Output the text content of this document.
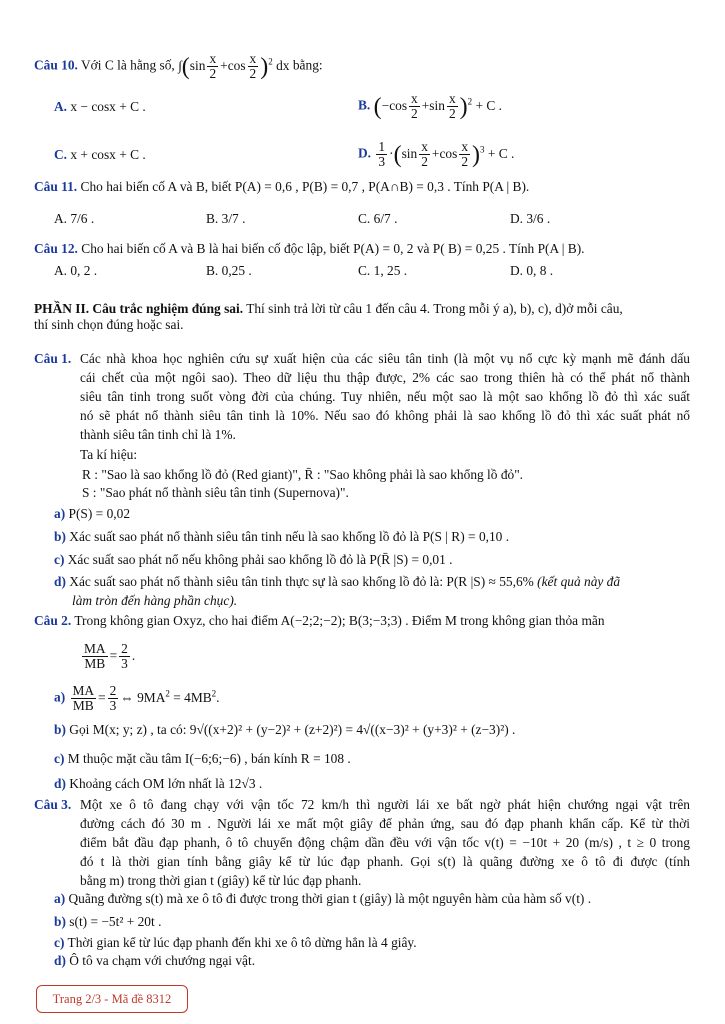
Câu 10. Với C là hằng số, $\int(\sin \frac{x}{2} +\cos \frac{x}{2} )^2$ dx bằng:
A. x − cosx + C .	B. $(-\cos \frac{x}{2} +\sin \frac{x}{2} )^2 + C$ .
C. x + cosx + C .	D. $\frac{1}{3} \cdot(\sin \frac{x}{2} +\cos \frac{x}{2} )^3 + C$ .
Câu 11. Cho hai biến cố A và B, biết P(A) = 0,6 , P(B) = 0,7 , P(A∩B) = 0,3 . Tính P(A | B).
A. 7/6 .	B. 3/7 .	C. 6/7 .	D. 3/6 .
Câu 12. Cho hai biến cố A và B là hai biến cố độc lập, biết P(A) = 0, 2 và P( B) = 0,25 . Tính P(A | B).
A. 0, 2 .	B. 0,25 .	C. 1, 25 .	D. 0, 8 .
PHẦN II. Câu trắc nghiệm đúng sai. Thí sinh trả lời từ câu 1 đến câu 4. Trong mỗi ý a), b), c), d)ở mỗi câu,
thí sinh chọn đúng hoặc sai.
Câu 1. Các nhà khoa học nghiên cứu sự xuất hiện của các siêu tân tinh (là một vụ nổ cực kỳ mạnh mẽ đánh dấu
cái chết của một ngôi sao). Theo dữ liệu thu thập được, 2% các sao trong thiên hà có thể phát nổ thành
siêu tân tinh trong suốt vòng đời của chúng. Tuy nhiên, nếu một sao là một sao khổng lồ đỏ thì xác suất
nó sẽ phát nổ thành siêu tân tinh là 10%. Nếu sao đó không phải là sao khổng lồ đỏ thì xác suất phát nổ
thành siêu tân tinh chỉ là 1%.
Ta kí hiệu:
R : "Sao là sao khổng lồ đỏ (Red giant)", R̄ : "Sao không phải là sao khổng lồ đỏ".
S : "Sao phát nổ thành siêu tân tinh (Supernova)".
a) P(S) = 0,02
b) Xác suất sao phát nổ thành siêu tân tinh nếu là sao khổng lồ đỏ là P(S | R) = 0,10 .
c) Xác suất sao phát nổ nếu không phải sao khổng lồ đỏ là P(R̄ |S) = 0,01 .
d) Xác suất sao phát nổ thành siêu tân tinh thực sự là sao khổng lồ đỏ là: P(R |S) ≈ 55,6% (kết quả này đã
làm tròn đến hàng phần chục).
Câu 2. Trong không gian Oxyz, cho hai điểm A(−2;2;−2); B(3;−3;3) . Điểm M trong không gian thỏa mãn
$\frac{MA}{MB} = \frac{2}{3}$ .
$a) \frac{MA}{MB} = \frac{2}{3}$ ⇔ $9MA^2 = 4MB^2$.
b) Gọi M(x; y; z) , ta có: 9√((x+2)² + (y−2)² + (z+2)²) = 4√((x−3)² + (y+3)² + (z−3)²) .
c) M thuộc mặt cầu tâm I(−6;6;−6) , bán kính R = 108 .
d) Khoảng cách OM lớn nhất là 12√3 .
Câu 3. Một xe ô tô đang chạy với vận tốc 72 km/h thì người lái xe bất ngờ phát hiện chướng ngại vật trên
đường cách đó 30 m . Người lái xe mất một giây để phản ứng, sau đó đạp phanh khẩn cấp. Kể từ thời
điểm bắt đầu đạp phanh, ô tô chuyển động chậm dần đều với vận tốc v(t) = −10t + 20 (m/s) , t ≥ 0 trong
đó t là thời gian tính bằng giây kể từ lúc đạp phanh. Gọi s(t) là quãng đường xe ô tô đi được (tính
bằng m) trong thời gian t (giây) kể từ lúc đạp phanh.
a) Quãng đường s(t) mà xe ô tô đi được trong thời gian t (giây) là một nguyên hàm của hàm số v(t) .
b) s(t) = −5t² + 20t .
c) Thời gian kể từ lúc đạp phanh đến khi xe ô tô dừng hẳn là 4 giây.
d) Ô tô va chạm với chướng ngại vật.
Trang 2/3 - Mã đề 8312
